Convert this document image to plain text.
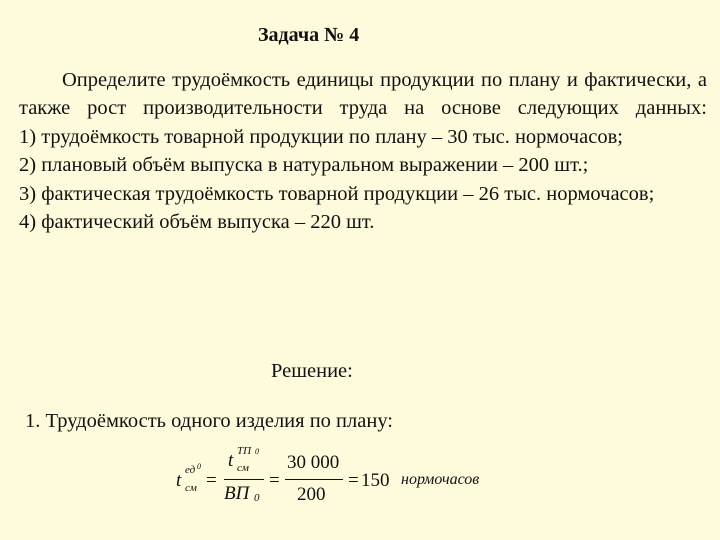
Задача № 4

Определите трудоёмкость единицы продукции по плану и фактически, а также рост производительности труда на основе следующих данных:

1) трудоёмкость товарной продукции по плану – 30 тыс. нормочасов;

2) плановый объём выпуска в натуральном выражении – 200 шт.;

3) фактическая трудоёмкость товарной продукции – 26 тыс. нормочасов;

4) фактический объём выпуска – 220 шт.

Решение:
1. Трудоёмкость одного изделия по плану:
t ед 0
см =
t ТП 0
см
ВП 0
=
30 000
200
= 150 нормочасов
